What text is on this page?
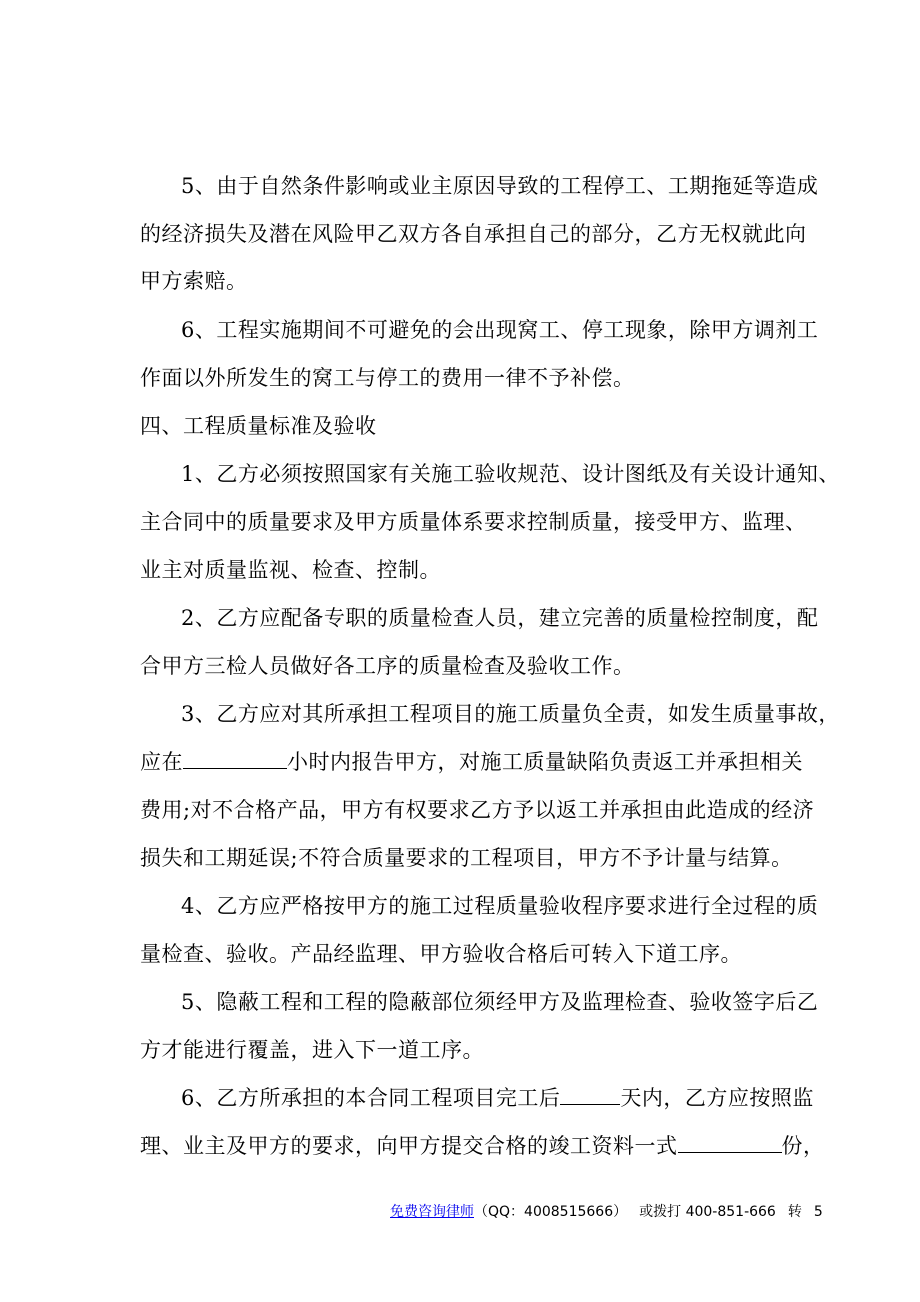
5、由于自然条件影响或业主原因导致的工程停工、工期拖延等造成
的经济损失及潜在风险甲乙双方各自承担自己的部分，乙方无权就此向
甲方索赔。
6、工程实施期间不可避免的会出现窝工、停工现象，除甲方调剂工
作面以外所发生的窝工与停工的费用一律不予补偿。
四、工程质量标准及验收
1、乙方必须按照国家有关施工验收规范、设计图纸及有关设计通知、
主合同中的质量要求及甲方质量体系要求控制质量，接受甲方、监理、
业主对质量监视、检查、控制。
2、乙方应配备专职的质量检查人员，建立完善的质量检控制度，配
合甲方三检人员做好各工序的质量检查及验收工作。
3、乙方应对其所承担工程项目的施工质量负全责，如发生质量事故，
应在	小时内报告甲方，对施工质量缺陷负责返工并承担相关
费用;对不合格产品，甲方有权要求乙方予以返工并承担由此造成的经济
损失和工期延误;不符合质量要求的工程项目，甲方不予计量与结算。
4、乙方应严格按甲方的施工过程质量验收程序要求进行全过程的质
量检查、验收。产品经监理、甲方验收合格后可转入下道工序。
5、隐蔽工程和工程的隐蔽部位须经甲方及监理检查、验收签字后乙
方才能进行覆盖，进入下一道工序。
6、乙方所承担的本合同工程项目完工后	天内，乙方应按照监
理、业主及甲方的要求，向甲方提交合格的竣工资料一式	份，
免费咨询律师（QQ：4008515666） 或拨打 400-851-666 转 5
